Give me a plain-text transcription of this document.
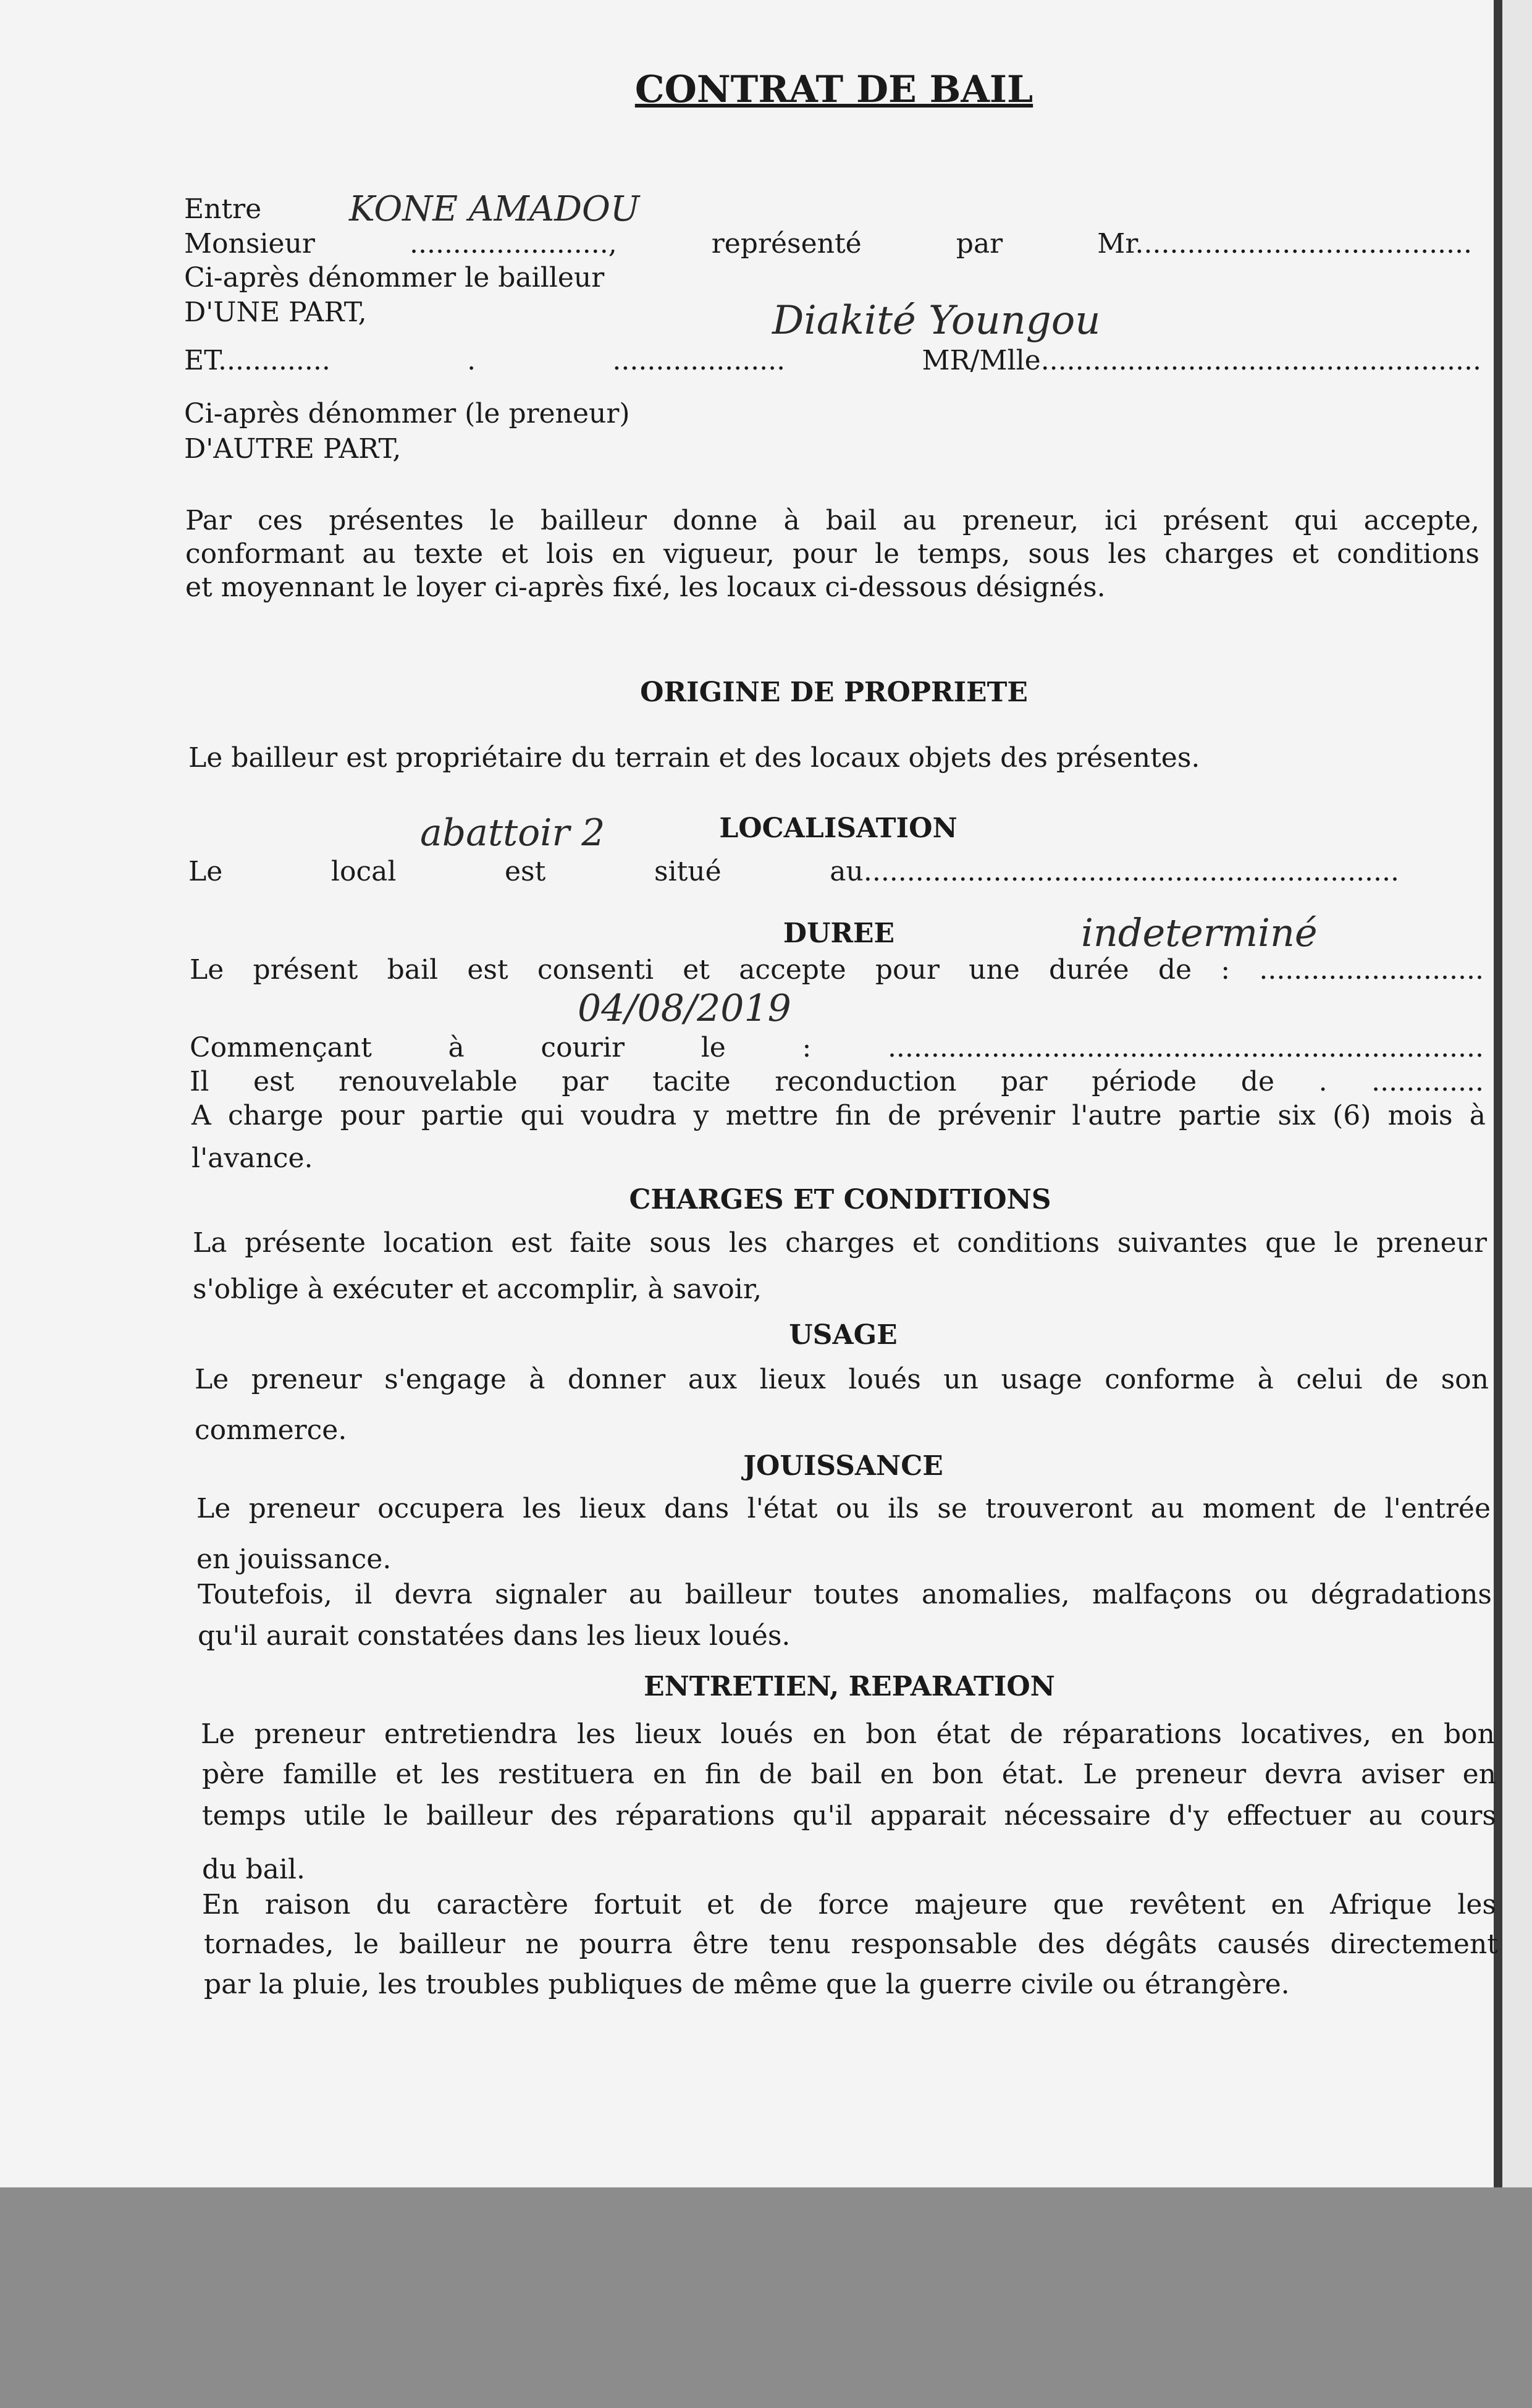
CONTRAT DE BAIL
Entre	KONE AMADOU
Monsieur ......................., représenté par Mr.......................................
Ci-après dénommer le bailleur
D'UNE PART,	Diakité Youngou
ET............. . .................... MR/Mlle...................................................
Ci-après dénommer (le preneur)
D'AUTRE PART,
Par ces présentes le bailleur donne à bail au preneur, ici présent qui accepte,
conformant au texte et lois en vigueur, pour le temps, sous les charges et conditions
et moyennant le loyer ci-après fixé, les locaux ci-dessous désignés.
ORIGINE DE PROPRIETE
Le bailleur est propriétaire du terrain et des locaux objets des présentes.
LOCALISATION
abattoir 2
Le local est situé au..............................................................
DUREE	indeterminé
Le présent bail est consenti et accepte pour une durée de : ..........................
04/08/2019
Commençant à courir le : .....................................................................
Il est renouvelable par tacite reconduction par période de . .............
A charge pour partie qui voudra y mettre fin de prévenir l'autre partie six (6) mois à
l'avance.
CHARGES ET CONDITIONS
La présente location est faite sous les charges et conditions suivantes que le preneur
s'oblige à exécuter et accomplir, à savoir,
USAGE
Le preneur s'engage à donner aux lieux loués un usage conforme à celui de son
commerce.
JOUISSANCE
Le preneur occupera les lieux dans l'état ou ils se trouveront au moment de l'entrée
en jouissance.
Toutefois, il devra signaler au bailleur toutes anomalies, malfaçons ou dégradations
qu'il aurait constatées dans les lieux loués.
ENTRETIEN, REPARATION
Le preneur entretiendra les lieux loués en bon état de réparations locatives, en bon
père famille et les restituera en fin de bail en bon état. Le preneur devra aviser en
temps utile le bailleur des réparations qu'il apparait nécessaire d'y effectuer au cours
du bail.
En raison du caractère fortuit et de force majeure que revêtent en Afrique les
tornades, le bailleur ne pourra être tenu responsable des dégâts causés directement
par la pluie, les troubles publiques de même que la guerre civile ou étrangère.
